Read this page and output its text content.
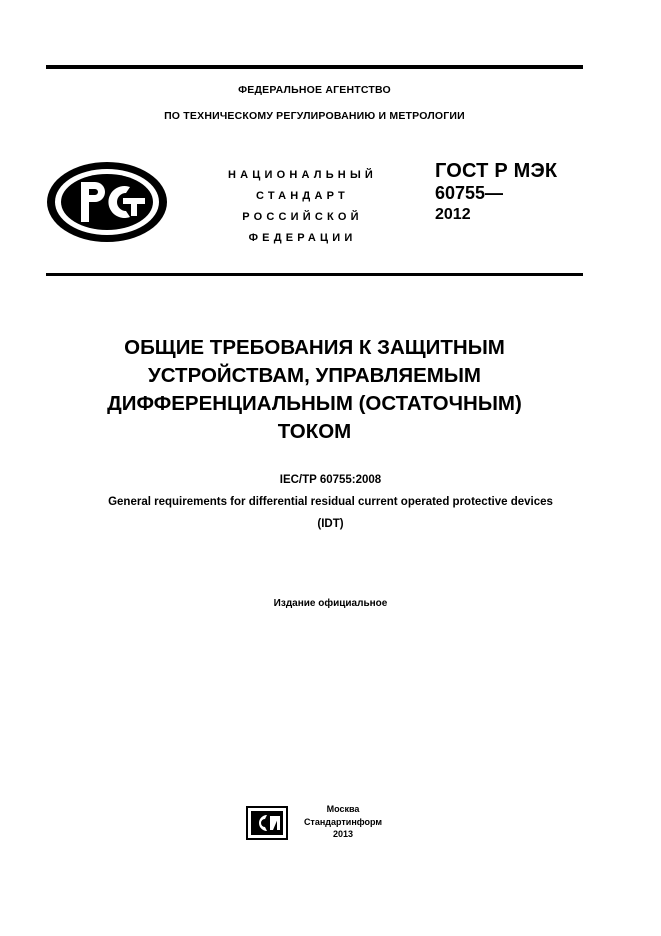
ФЕДЕРАЛЬНОЕ АГЕНТСТВО
ПО ТЕХНИЧЕСКОМУ РЕГУЛИРОВАНИЮ И МЕТРОЛОГИИ
НАЦИОНАЛЬНЫЙ
СТАНДАРТ
РОССИЙСКОЙ
ФЕДЕРАЦИИ
ГОСТ Р МЭК
60755—
2012
ОБЩИЕ ТРЕБОВАНИЯ К ЗАЩИТНЫМ
УСТРОЙСТВАМ, УПРАВЛЯЕМЫМ
ДИФФЕРЕНЦИАЛЬНЫМ (ОСТАТОЧНЫМ)
ТОКОМ
IEC/TP 60755:2008
General requirements for differential residual current operated protective devices
(IDT)
Издание официальное
Москва
Стандартинформ
2013
